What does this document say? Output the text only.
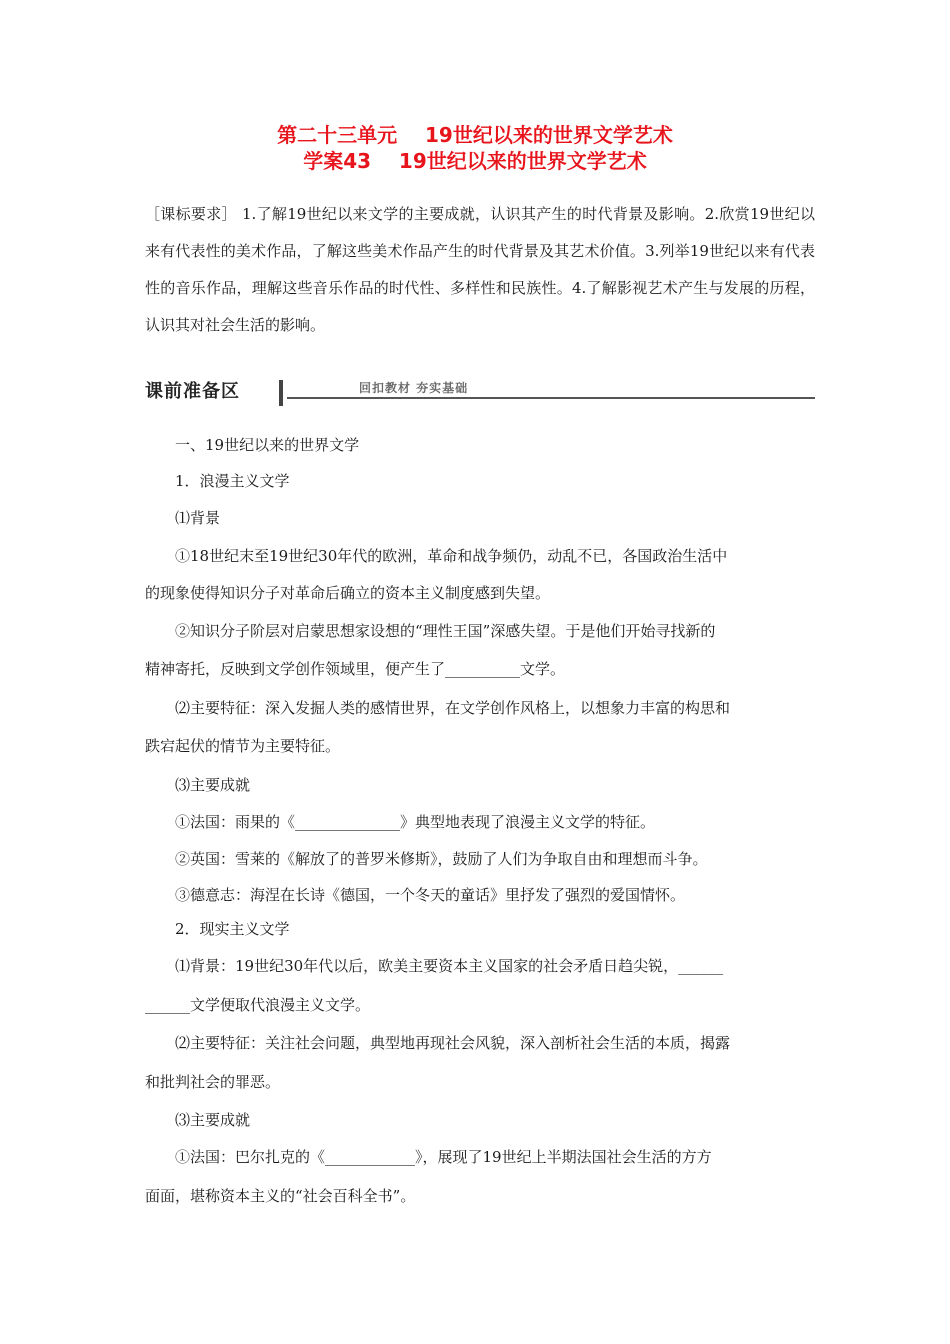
第二十三单元    19世纪以来的世界文学艺术
学案43    19世纪以来的世界文学艺术
［课标要求］ 1.了解19世纪以来文学的主要成就，认识其产生的时代背景及影响。2.欣赏19世纪以来有代表性的美术作品，了解这些美术作品产生的时代背景及其艺术价值。3.列举19世纪以来有代表性的音乐作品，理解这些音乐作品的时代性、多样性和民族性。4.了解影视艺术产生与发展的历程，认识其对社会生活的影响。
课前准备区	回扣教材 夯实基础
一、19世纪以来的世界文学
1．浪漫主义文学
⑴背景
①18世纪末至19世纪30年代的欧洲，革命和战争频仍，动乱不已，各国政治生活中
的现象使得知识分子对革命后确立的资本主义制度感到失望。
②知识分子阶层对启蒙思想家设想的“理性王国”深感失望。于是他们开始寻找新的
精神寄托，反映到文学创作领域里，便产生了__________文学。
⑵主要特征：深入发掘人类的感情世界，在文学创作风格上，以想象力丰富的构思和
跌宕起伏的情节为主要特征。
⑶主要成就
①法国：雨果的《______________》典型地表现了浪漫主义文学的特征。
②英国：雪莱的《解放了的普罗米修斯》，鼓励了人们为争取自由和理想而斗争。
③德意志：海涅在长诗《德国，一个冬天的童话》里抒发了强烈的爱国情怀。
2．现实主义文学
⑴背景：19世纪30年代以后，欧美主要资本主义国家的社会矛盾日趋尖锐，______
______文学便取代浪漫主义文学。
⑵主要特征：关注社会问题，典型地再现社会风貌，深入剖析社会生活的本质，揭露
和批判社会的罪恶。
⑶主要成就
①法国：巴尔扎克的《____________》，展现了19世纪上半期法国社会生活的方方
面面，堪称资本主义的“社会百科全书”。
